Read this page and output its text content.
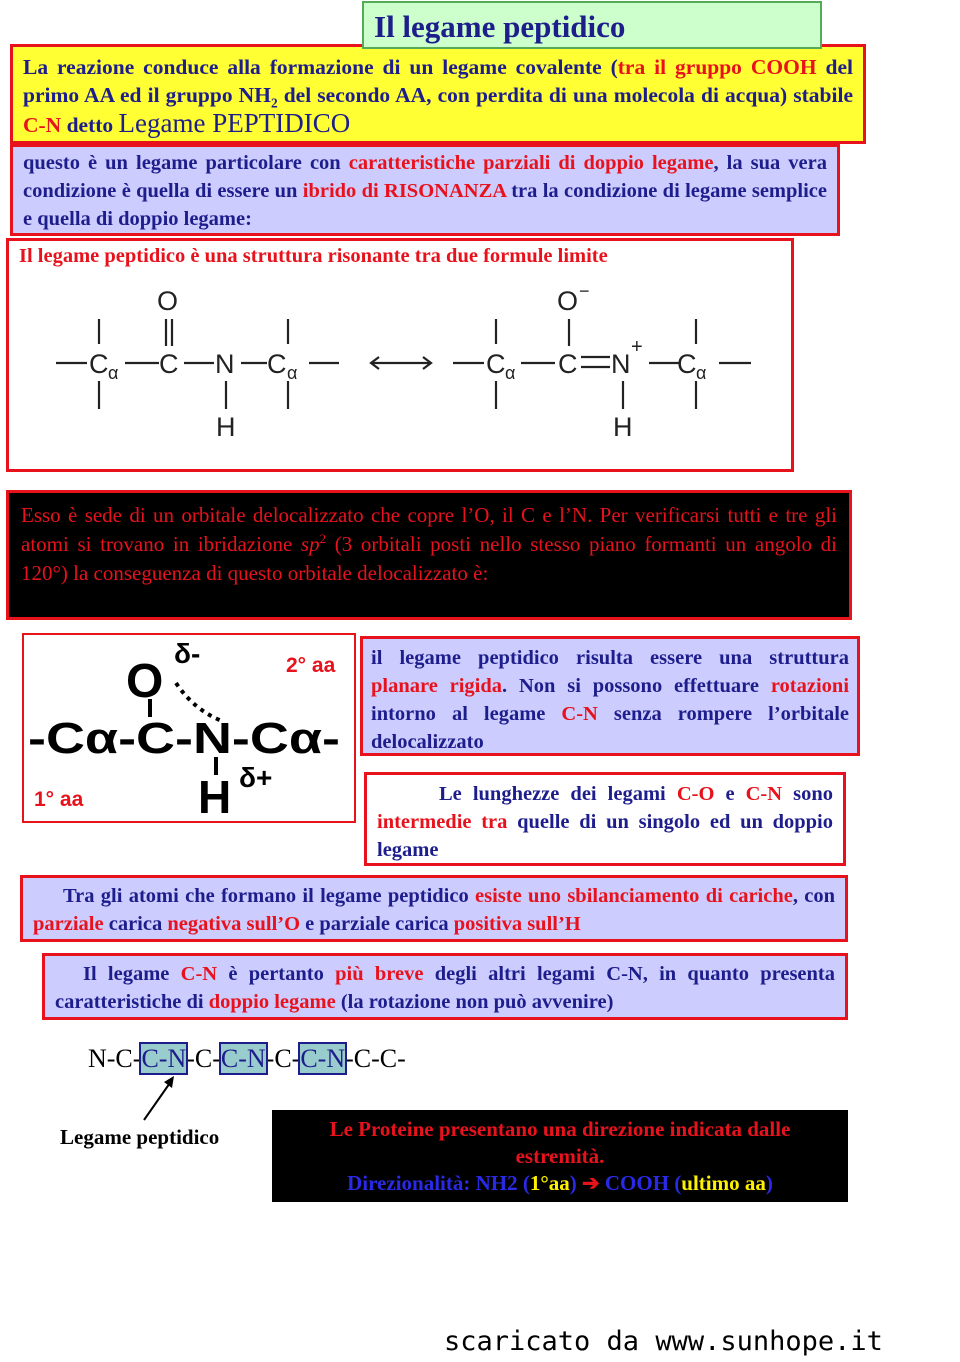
La reazione conduce alla formazione di un legame covalente (tra il gruppo COOH del primo AA ed il gruppo $NH_2$ del secondo AA, con perdita di una molecola di acqua) stabile C-N detto Legame PEPTIDICO

Il legame peptidico

questo è un legame particolare con caratteristiche parziali di doppio legame, la sua vera condizione è quella di essere un ibrido di RISONANZA tra la condizione di legame semplice e quella di doppio legame:

Il legame peptidico è una struttura risonante tra due formule limite
O
C α C N C α
H
O −
C α C N
+
C α
H

Esso è sede di un orbitale delocalizzato che copre l’O, il C e l’N. Per verificarsi tutti e tre gli atomi si trovano in ibridazione $sp^2$ (3 orbitali posti nello stesso piano formanti un angolo di 120°) la conseguenza di questo orbitale delocalizzato è:

2° aa
1° aa
O
δ-
-Cα-C-N-Cα-
H δ+

il legame peptidico risulta essere una struttura planare rigida. Non si possono effettuare rotazioni intorno al legame C-N senza rompere l’orbitale delocalizzato

Le lunghezze dei legami C-O e C-N sono intermedie tra quelle di un singolo ed un doppio legame

Tra gli atomi che formano il legame peptidico esiste uno sbilanciamento di cariche, con parziale carica negativa sull’O e parziale carica positiva sull’H

Il legame C-N è pertanto più breve degli altri legami C-N, in quanto presenta caratteristiche di doppio legame (la rotazione non può avvenire)

N-C-C-N-C-C-N-C-C-N-C-C-
Legame peptidico	Le Proteine presentano una direzione indicata dalle estremità.
Direzionalità: NH2 (1°aa) ➔ COOH (ultimo aa)
scaricato da www.sunhope.it
